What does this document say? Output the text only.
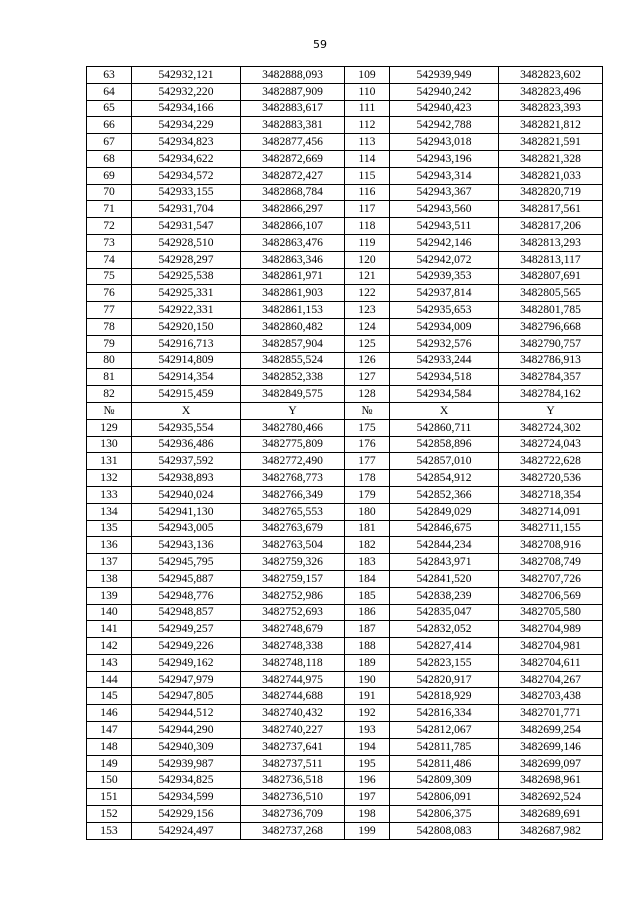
59
63	542932,121	3482888,093	109	542939,949	3482823,602
64	542932,220	3482887,909	110	542940,242	3482823,496
65	542934,166	3482883,617	111	542940,423	3482823,393
66	542934,229	3482883,381	112	542942,788	3482821,812
67	542934,823	3482877,456	113	542943,018	3482821,591
68	542934,622	3482872,669	114	542943,196	3482821,328
69	542934,572	3482872,427	115	542943,314	3482821,033
70	542933,155	3482868,784	116	542943,367	3482820,719
71	542931,704	3482866,297	117	542943,560	3482817,561
72	542931,547	3482866,107	118	542943,511	3482817,206
73	542928,510	3482863,476	119	542942,146	3482813,293
74	542928,297	3482863,346	120	542942,072	3482813,117
75	542925,538	3482861,971	121	542939,353	3482807,691
76	542925,331	3482861,903	122	542937,814	3482805,565
77	542922,331	3482861,153	123	542935,653	3482801,785
78	542920,150	3482860,482	124	542934,009	3482796,668
79	542916,713	3482857,904	125	542932,576	3482790,757
80	542914,809	3482855,524	126	542933,244	3482786,913
81	542914,354	3482852,338	127	542934,518	3482784,357
82	542915,459	3482849,575	128	542934,584	3482784,162
№	X	Y	№	X	Y
129	542935,554	3482780,466	175	542860,711	3482724,302
130	542936,486	3482775,809	176	542858,896	3482724,043
131	542937,592	3482772,490	177	542857,010	3482722,628
132	542938,893	3482768,773	178	542854,912	3482720,536
133	542940,024	3482766,349	179	542852,366	3482718,354
134	542941,130	3482765,553	180	542849,029	3482714,091
135	542943,005	3482763,679	181	542846,675	3482711,155
136	542943,136	3482763,504	182	542844,234	3482708,916
137	542945,795	3482759,326	183	542843,971	3482708,749
138	542945,887	3482759,157	184	542841,520	3482707,726
139	542948,776	3482752,986	185	542838,239	3482706,569
140	542948,857	3482752,693	186	542835,047	3482705,580
141	542949,257	3482748,679	187	542832,052	3482704,989
142	542949,226	3482748,338	188	542827,414	3482704,981
143	542949,162	3482748,118	189	542823,155	3482704,611
144	542947,979	3482744,975	190	542820,917	3482704,267
145	542947,805	3482744,688	191	542818,929	3482703,438
146	542944,512	3482740,432	192	542816,334	3482701,771
147	542944,290	3482740,227	193	542812,067	3482699,254
148	542940,309	3482737,641	194	542811,785	3482699,146
149	542939,987	3482737,511	195	542811,486	3482699,097
150	542934,825	3482736,518	196	542809,309	3482698,961
151	542934,599	3482736,510	197	542806,091	3482692,524
152	542929,156	3482736,709	198	542806,375	3482689,691
153	542924,497	3482737,268	199	542808,083	3482687,982
